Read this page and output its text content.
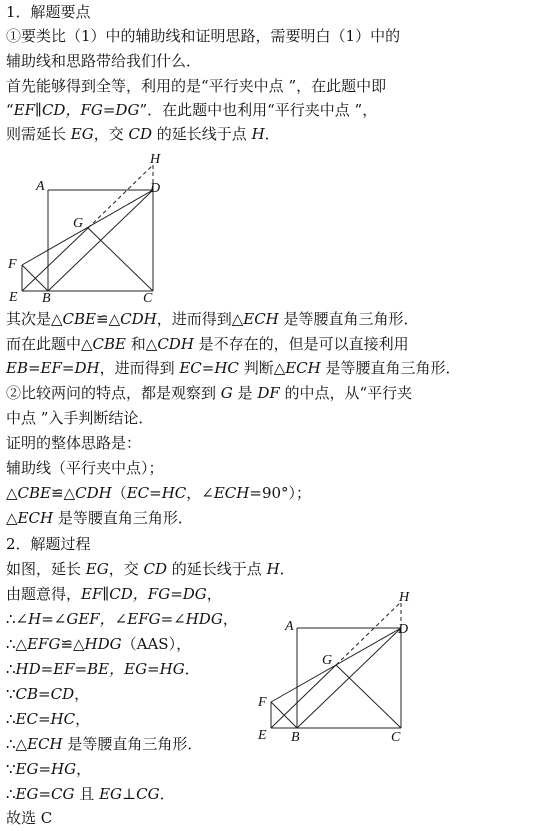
1．解题要点
①要类比（1）中的辅助线和证明思路，需要明白（1）中的
辅助线和思路带给我们什么．
首先能够得到全等，利用的是“平行夹中点 ”，在此题中即
“EF∥CD，FG=DG”．在此题中也利用“平行夹中点 ”，
则需延长 EG，交 CD 的延长线于点 H．
A
B	C
D
E
F
G
H
其次是△CBE≌△CDH，进而得到△ECH 是等腰直角三角形．
而在此题中△CBE 和△CDH 是不存在的，但是可以直接利用
EB=EF=DH，进而得到 EC=HC 判断△ECH 是等腰直角三角形．
②比较两问的特点，都是观察到 G 是 DF 的中点，从“平行夹
中点 ”入手判断结论．
证明的整体思路是：
辅助线（平行夹中点）；
△CBE≌△CDH（EC=HC，∠ECH=90°）；
△ECH 是等腰直角三角形．
2．解题过程
如图，延长 EG，交 CD 的延长线于点 H．
由题意得，EF∥CD，FG=DG，
∴∠H=∠GEF，∠EFG=∠HDG，
∴△EFG≌△HDG（AAS），
∴HD=EF=BE，EG=HG．
∵CB=CD，
∴EC=HC，
∴△ECH 是等腰直角三角形．
∵EG=HG，
∴EG=CG 且 EG⊥CG．
故选 C
A
B	C
D
E
F
G
H
